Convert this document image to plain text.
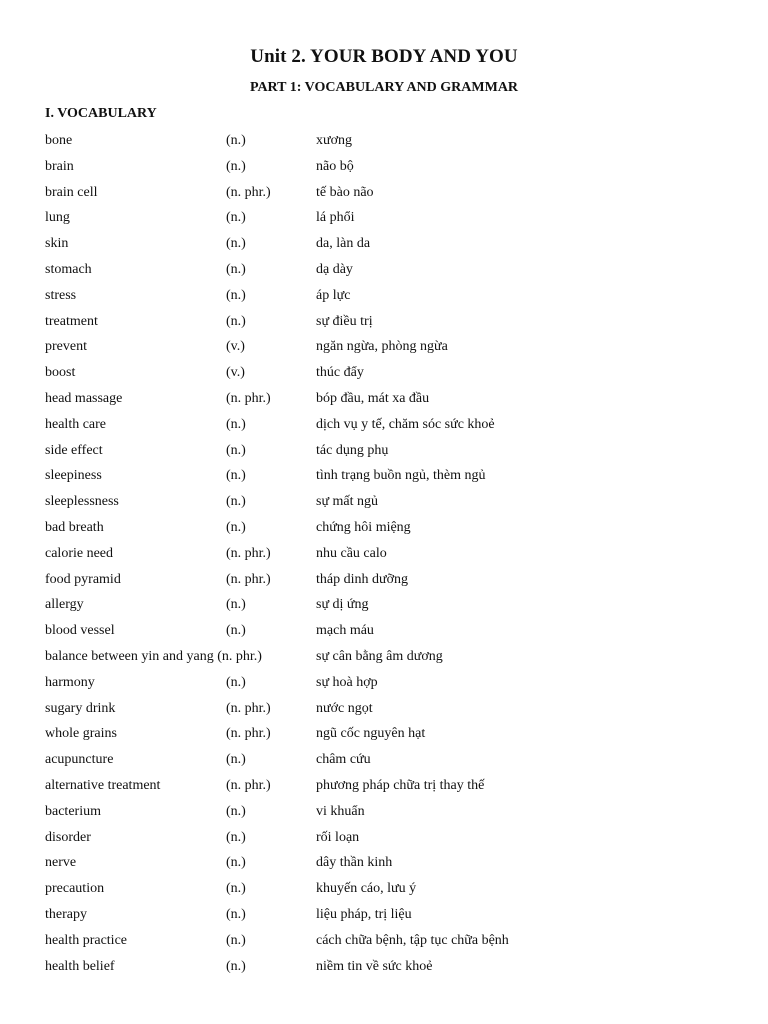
Unit 2. YOUR BODY AND YOU
PART 1: VOCABULARY AND GRAMMAR
I. VOCABULARY
bone	(n.)	xương
brain	(n.)	não bộ
brain cell	(n. phr.)	tế bào não
lung	(n.)	lá phổi
skin	(n.)	da, làn da
stomach	(n.)	dạ dày
stress	(n.)	áp lực
treatment	(n.)	sự điều trị
prevent	(v.)	ngăn ngừa, phòng ngừa
boost	(v.)	thúc đẩy
head massage	(n. phr.)	bóp đầu, mát xa đầu
health care	(n.)	dịch vụ y tế, chăm sóc sức khoẻ
side effect	(n.)	tác dụng phụ
sleepiness	(n.)	tình trạng buồn ngủ, thèm ngủ
sleeplessness	(n.)	sự mất ngủ
bad breath	(n.)	chứng hôi miệng
calorie need	(n. phr.)	nhu cầu calo
food pyramid	(n. phr.)	tháp dinh dưỡng
allergy	(n.)	sự dị ứng
blood vessel	(n.)	mạch máu
balance between yin and yang (n. phr.)	sự cân bằng âm dương
harmony	(n.)	sự hoà hợp
sugary drink	(n. phr.)	nước ngọt
whole grains	(n. phr.)	ngũ cốc nguyên hạt
acupuncture	(n.)	châm cứu
alternative treatment	(n. phr.)	phương pháp chữa trị thay thế
bacterium	(n.)	vi khuẩn
disorder	(n.)	rối loạn
nerve	(n.)	dây thần kinh
precaution	(n.)	khuyến cáo, lưu ý
therapy	(n.)	liệu pháp, trị liệu
health practice	(n.)	cách chữa bệnh, tập tục chữa bệnh
health belief	(n.)	niềm tin về sức khoẻ
